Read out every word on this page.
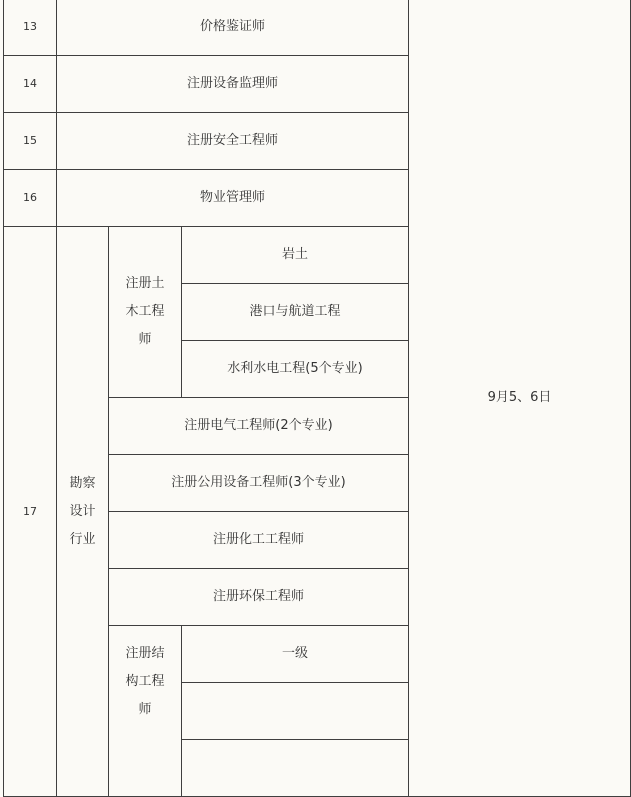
13	价格鉴证师			9月5、6日
14	注册设备监理师			
15	注册安全工程师			
16	物业管理师			
17	勘察设计行业	注册土木工程师	岩土	
			港口与航道工程	
			水利水电工程(5个专业)	
		注册电气工程师(2个专业)		
		注册公用设备工程师(3个专业)		
		注册化工工程师		
		注册环保工程师		
		注册结构工程师	一级	
